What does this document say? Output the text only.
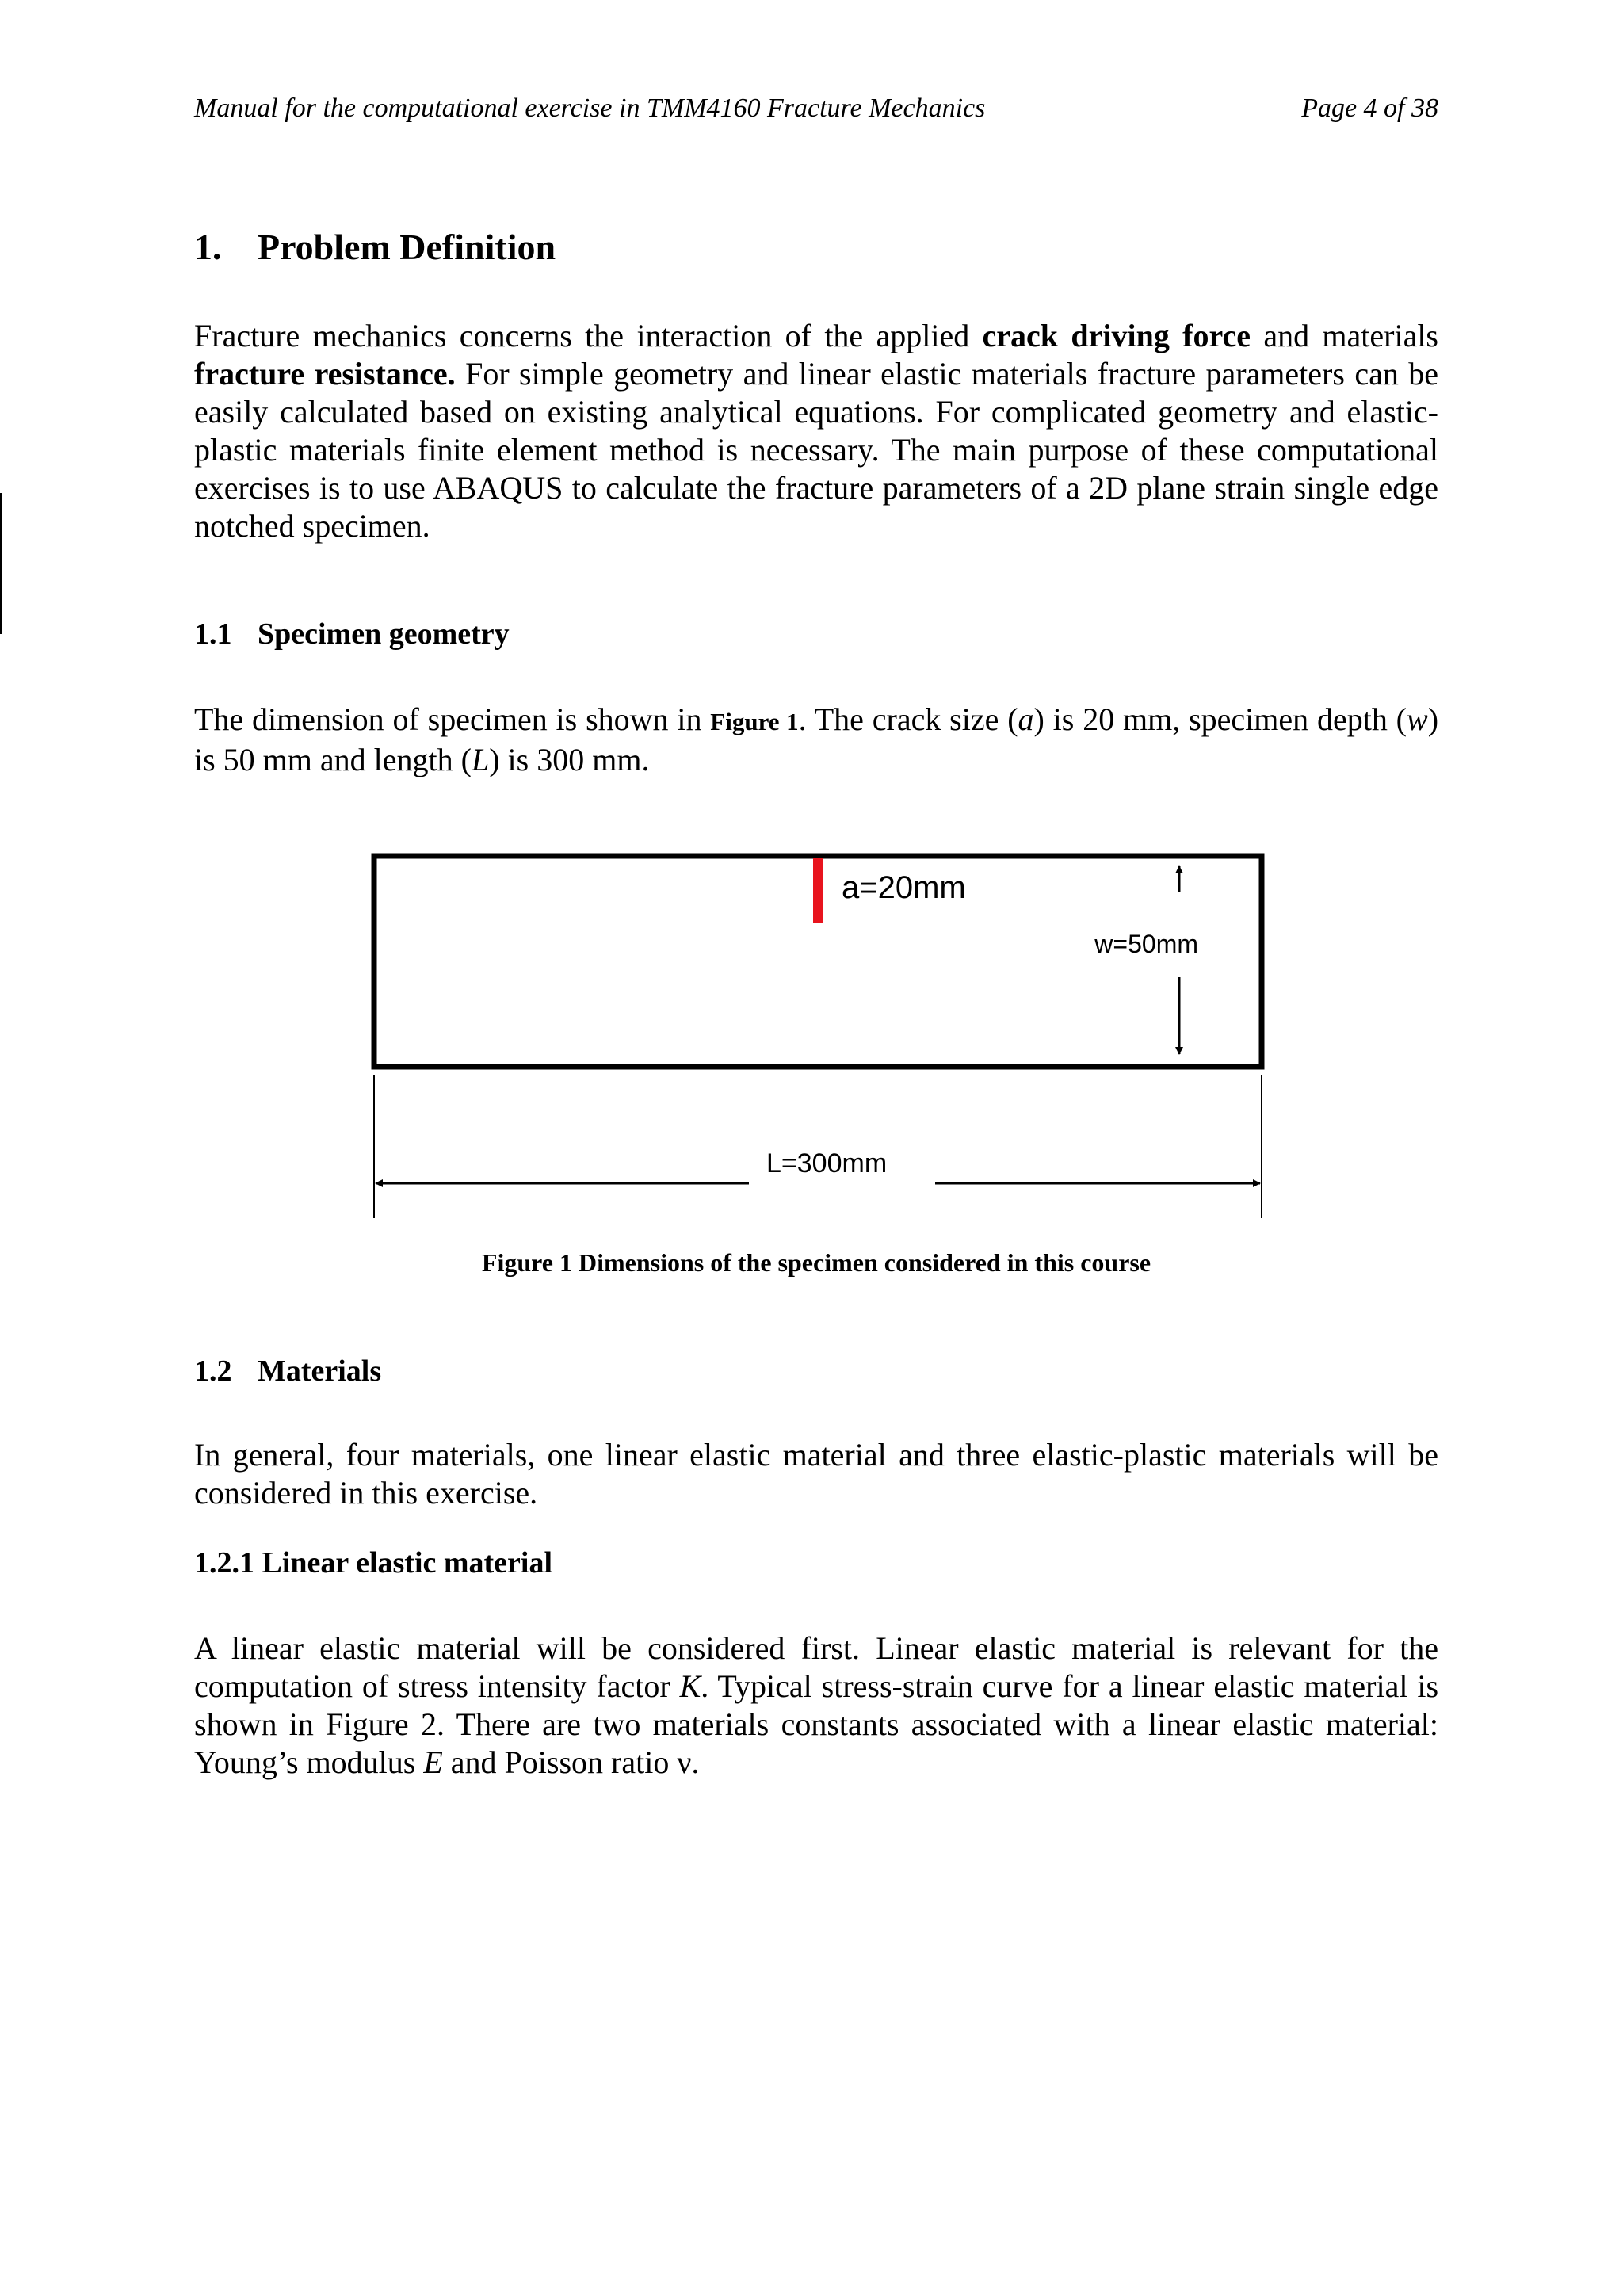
Manual for the computational exercise in TMM4160 Fracture Mechanics	Page 4 of 38
1. Problem Definition

Fracture mechanics concerns the interaction of the applied crack driving force and materials fracture resistance. For simple geometry and linear elastic materials fracture parameters can be easily calculated based on existing analytical equations. For complicated geometry and elastic-plastic materials finite element method is necessary. The main purpose of these computational exercises is to use ABAQUS to calculate the fracture parameters of a 2D plane strain single edge notched specimen.

1.1 Specimen geometry

The dimension of specimen is shown in Figure 1. The crack size (a) is 20 mm, specimen depth (w) is 50 mm and length (L) is 300 mm.

a=20mm
w=50mm
L=300mm
Figure 1 Dimensions of the specimen considered in this course
1.2 Materials

In general, four materials, one linear elastic material and three elastic-plastic materials will be considered in this exercise.

1.2.1 Linear elastic material

A linear elastic material will be considered first. Linear elastic material is relevant for the computation of stress intensity factor K. Typical stress-strain curve for a linear elastic material is shown in Figure 2. There are two materials constants associated with a linear elastic material: Young’s modulus E and Poisson ratio ν.
